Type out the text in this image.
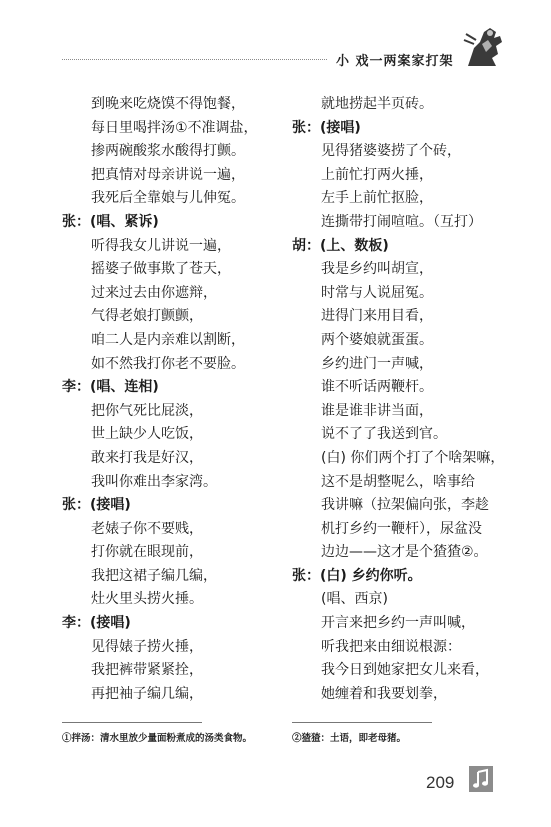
小 戏一两案家打架
到晚来吃烧馍不得饱餐，
每日里喝拌汤①不准调盐，
掺两碗酸浆水酸得打颤。
把真情对母亲讲说一遍，
我死后全靠娘与儿伸冤。
张：(唱、紧诉)
听得我女儿讲说一遍，
摇婆子做事欺了苍天，
过来过去由你遮辩，
气得老娘打颤颤，
咱二人是内亲难以割断，
如不然我打你老不要脸。
李：(唱、连相)
把你气死比屁淡，
世上缺少人吃饭，
敢来打我是好汉，
我叫你难出李家湾。
张：(接唱)
老婊子你不要贱，
打你就在眼现前，
我把这裙子编几编，
灶火里头捞火捶。
李：(接唱)
见得婊子捞火捶，
我把裤带紧紧拴，
再把袖子编几编，
就地捞起半页砖。
张：(接唱)
见得猪婆婆捞了个砖，
上前忙打两火捶，
左手上前忙抠脸，
连撕带打闹喧喧。（互打）
胡：(上、数板)
我是乡约叫胡宣，
时常与人说屈冤。
进得门来用目看，
两个婆娘就蛋蛋。
乡约进门一声喊，
谁不听话两鞭杆。
谁是谁非讲当面，
说不了了我送到官。
(白) 你们两个打了个啥架嘛，
这不是胡整呢么，啥事给
我讲嘛（拉架偏向张，李趁
机打乡约一鞭杆），尿盆没
边边——这才是个猹猹②。
张：(白) 乡约你听。
(唱、西京)
开言来把乡约一声叫喊，
听我把来由细说根源：
我今日到她家把女儿来看，
她缠着和我要划拳，
①拌汤：清水里放少量面粉煮成的汤类食物。	②猹猹：土语，即老母猪。
209
